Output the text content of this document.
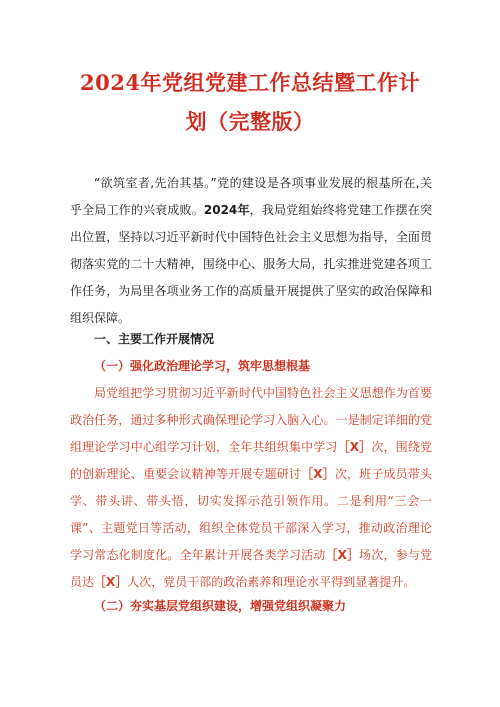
2024年党组党建工作总结暨工作计
划（完整版）

“欲筑室者,先治其基。”党的建设是各项事业发展的根基所在,关乎全局工作的兴衰成败。2024年，我局党组始终将党建工作摆在突出位置，坚持以习近平新时代中国特色社会主义思想为指导，全面贯彻落实党的二十大精神，围绕中心、服务大局，扎实推进党建各项工作任务，为局里各项业务工作的高质量开展提供了坚实的政治保障和组织保障。

一、主要工作开展情况

（一）强化政治理论学习，筑牢思想根基

局党组把学习贯彻习近平新时代中国特色社会主义思想作为首要政治任务，通过多种形式确保理论学习入脑入心。一是制定详细的党组理论学习中心组学习计划，全年共组织集中学习［X］次，围绕党的创新理论、重要会议精神等开展专题研讨［X］次，班子成员带头学、带头讲、带头悟，切实发挥示范引领作用。二是利用“三会一课”、主题党日等活动，组织全体党员干部深入学习，推动政治理论学习常态化制度化。全年累计开展各类学习活动［X］场次，参与党员达［X］人次，党员干部的政治素养和理论水平得到显著提升。

（二）夯实基层党组织建设，增强党组织凝聚力
